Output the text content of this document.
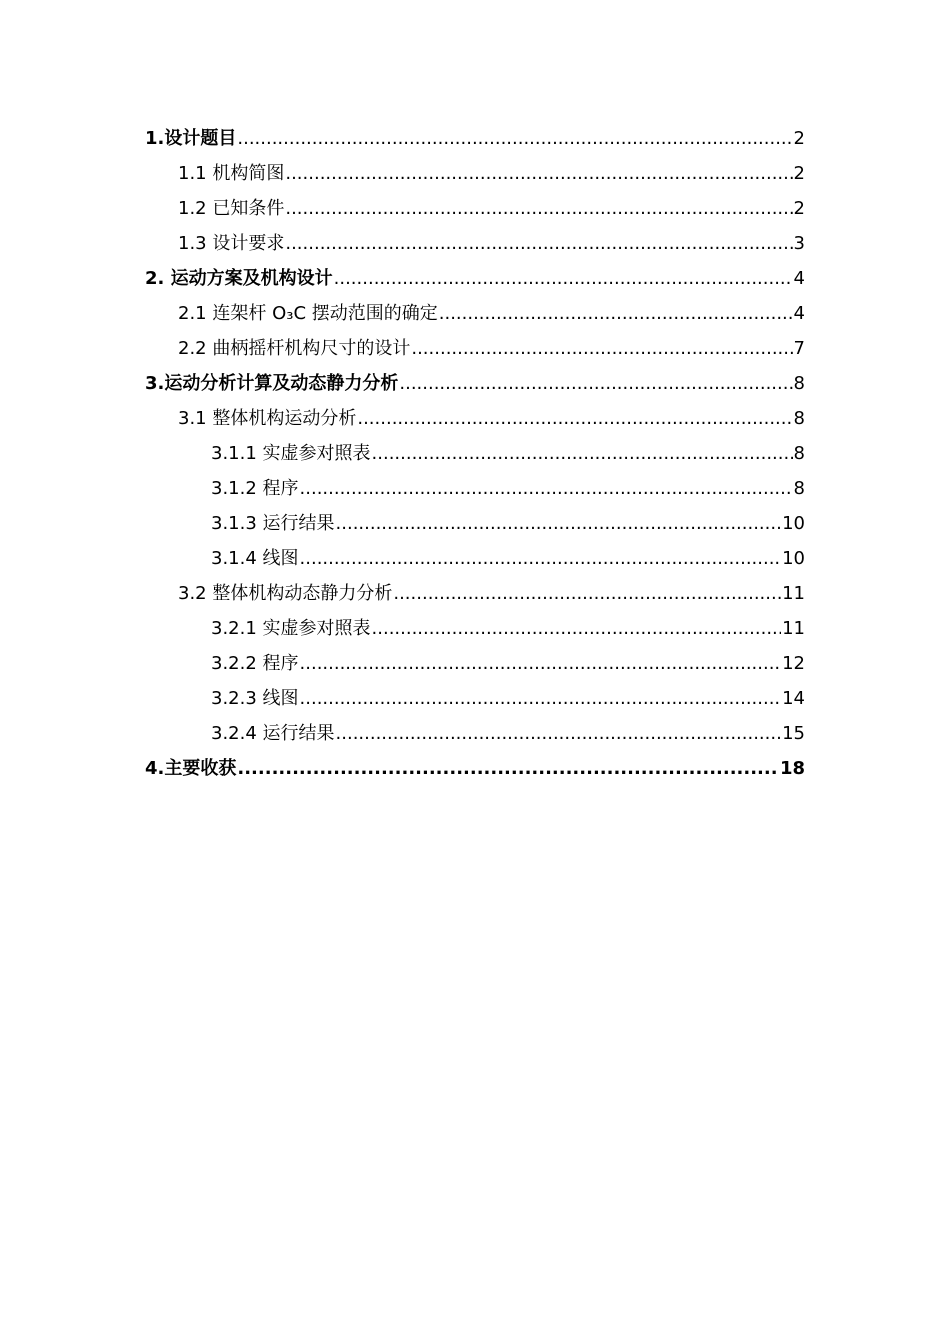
1.设计题目 .....	2
1.1 机构简图 .....	2
1.2 已知条件 .....	2
1.3 设计要求 .....	3
2. 运动方案及机构设计 .....	4
2.1 连架杆 O₃C 摆动范围的确定 .....	4
2.2 曲柄摇杆机构尺寸的设计 .....	7
3.运动分析计算及动态静力分析 .....	8
3.1 整体机构运动分析 .....	8
3.1.1 实虚参对照表 .....	8
3.1.2 程序 .....	8
3.1.3 运行结果 .....	10
3.1.4 线图 .....	10
3.2 整体机构动态静力分析 .....	11
3.2.1 实虚参对照表 .....	11
3.2.2 程序 .....	12
3.2.3 线图 .....	14
3.2.4 运行结果 .....	15
4.主要收获 .....	18
